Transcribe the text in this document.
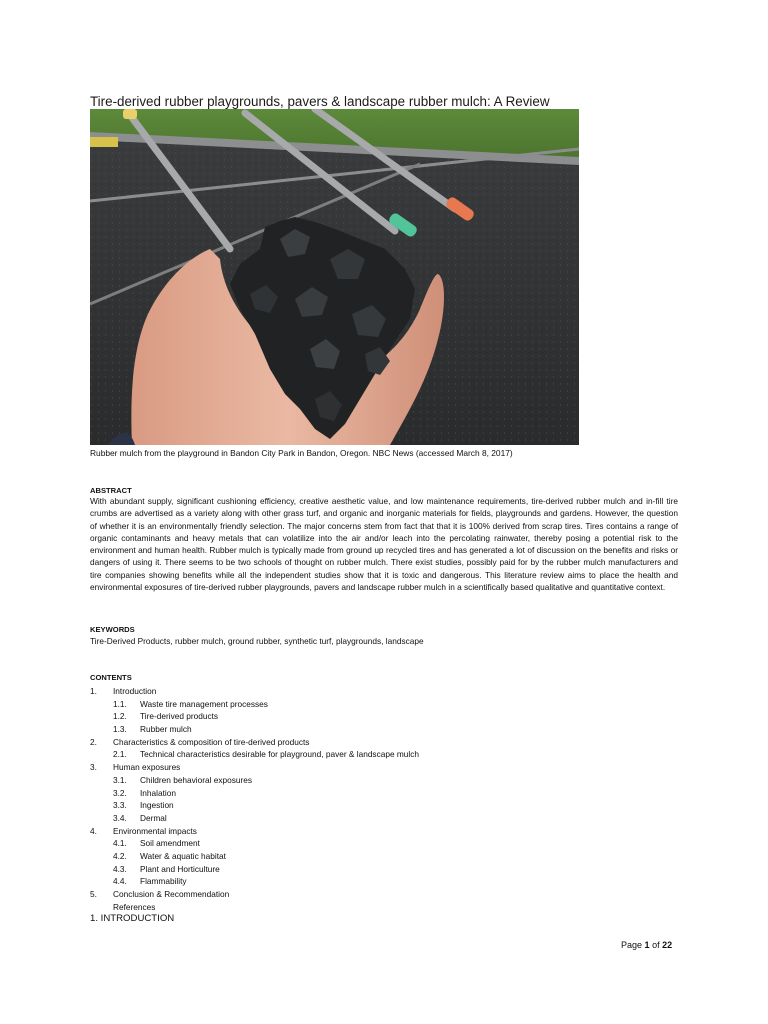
Tire-derived rubber playgrounds, pavers & landscape rubber mulch: A Review
Rubber mulch from the playground in Bandon City Park in Bandon, Oregon. NBC News (accessed March 8, 2017)
ABSTRACT

With abundant supply, significant cushioning efficiency, creative aesthetic value, and low maintenance requirements, tire-derived rubber mulch and in-fill tire crumbs are advertised as a variety along with other grass turf, and organic and inorganic materials for fields, playgrounds and gardens. However, the question of whether it is an environmentally friendly selection. The major concerns stem from fact that that it is 100% derived from scrap tires. Tires contains a range of organic contaminants and heavy metals that can volatilize into the air and/or leach into the percolating rainwater, thereby posing a potential risk to the environment and human health. Rubber mulch is typically made from ground up recycled tires and has generated a lot of discussion on the benefits and risks or dangers of using it. There seems to be two schools of thought on rubber mulch. There exist studies, possibly paid for by the rubber mulch manufacturers and tire companies showing benefits while all the independent studies show that it is toxic and dangerous. This literature review aims to place the health and environmental exposures of tire-derived rubber playgrounds, pavers and landscape rubber mulch in a scientifically based qualitative and quantitative context.

KEYWORDS
Tire-Derived Products, rubber mulch, ground rubber, synthetic turf, playgrounds, landscape
CONTENTS
1. Introduction
1.1. Waste tire management processes
1.2. Tire-derived products
1.3. Rubber mulch
2. Characteristics & composition of tire-derived products
2.1. Technical characteristics desirable for playground, paver & landscape mulch
3. Human exposures
3.1. Children behavioral exposures
3.2. Inhalation
3.3. Ingestion
3.4. Dermal
4. Environmental impacts
4.1. Soil amendment
4.2. Water & aquatic habitat
4.3. Plant and Horticulture
4.4. Flammability
5. Conclusion & Recommendation
References
1. INTRODUCTION
Page 1 of 22
